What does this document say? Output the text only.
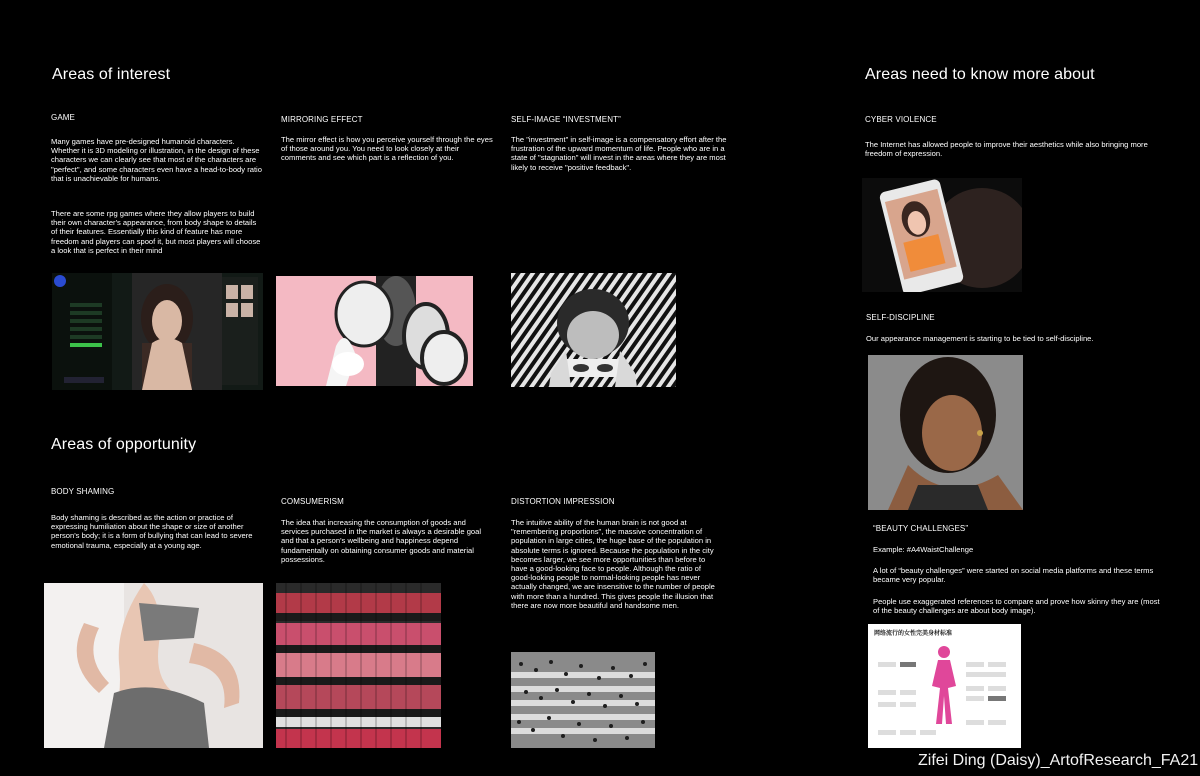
Areas of interest
GAME

Many games have pre-designed humanoid characters. Whether it is 3D modeling or illustration, in the design of these characters we can clearly see that most of the characters are "perfect", and some characters even have a head-to-body ratio that is unachievable for humans.

There are some rpg games where they allow players to build their own character's appearance, from body shape to details of their features. Essentially this kind of feature has more freedom and players can spoof it, but most players will choose a look that is perfect in their mind

MIRRORING EFFECT

The mirror effect is how you perceive yourself through the eyes of those around you. You need to look closely at their comments and see which part is a reflection of you.

SELF-IMAGE “INVESTMENT”

The "investment" in self-image is a compensatory effort after the frustration of the upward momentum of life. People who are in a state of "stagnation" will invest in the areas where they are most likely to receive "positive feedback".

Areas of opportunity
BODY SHAMING

Body shaming is described as the action or practice of expressing humiliation about the shape or size of another person's body; it is a form of bullying that can lead to severe emotional trauma, especially at a young age.

COMSUMERISM

The idea that increasing the consumption of goods and services purchased in the market is always a desirable goal and that a person's wellbeing and happiness depend fundamentally on obtaining consumer goods and material possessions.

DISTORTION IMPRESSION

The intuitive ability of the human brain is not good at "remembering proportions", the massive concentration of population in large cities, the huge base of the population in absolute terms is ignored. Because the population in the city becomes larger, we see more opportunities than before to have a good-looking face to people. Although the ratio of good-looking people to normal-looking people has never actually changed, we are insensitive to the number of people with more than a hundred. This gives people the illusion that there are now more beautiful and handsome men.

Areas need to know more about
CYBER VIOLENCE

The Internet has allowed people to improve their aesthetics while also bringing more freedom of expression.

SELF-DISCIPLINE

Our appearance management is starting to be tied to self-discipline.

“BEAUTY CHALLENGES”

Example: #A4WaistChallenge

A lot of “beauty challenges” were started on social media platforms and these terms became very popular.

People use exaggerated references to compare and prove how skinny they are (most of the beauty challenges are about body image).

网络流行的女性完美身材标准
Zifei Ding (Daisy)_ArtofResearch_FA21
